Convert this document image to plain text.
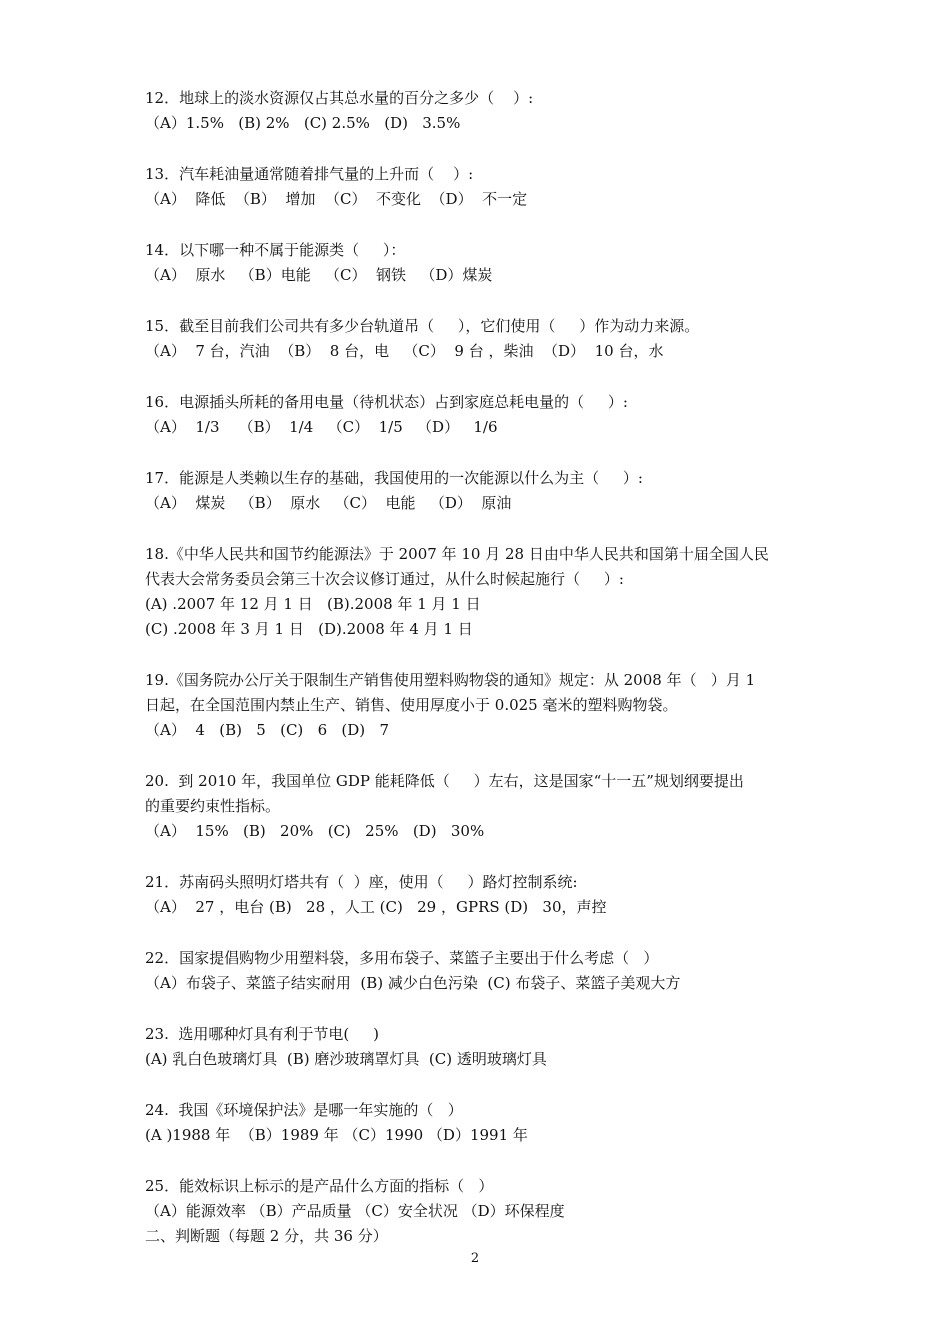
12．地球上的淡水资源仅占其总水量的百分之多少（    ）:
（A）1.5%   (B) 2%   (C) 2.5%   (D)   3.5%
13．汽车耗油量通常随着排气量的上升而（    ）:
（A）  降低  （B）  增加  （C）  不变化  （D）  不一定
14．以下哪一种不属于能源类（     ）：
（A）  原水   （B）电能   （C）  钢铁   （D）煤炭
15．截至目前我们公司共有多少台轨道吊（     ），它们使用（     ）作为动力来源。
（A）  7 台，汽油  （B）  8 台，电   （C）  9 台 ，柴油  （D）  10 台，水
16．电源插头所耗的备用电量（待机状态）占到家庭总耗电量的（     ）:
（A）  1/3    （B）  1/4   （C）  1/5   （D）   1/6
17．能源是人类赖以生存的基础，我国使用的一次能源以什么为主（     ）:
（A）  煤炭   （B）  原水   （C）  电能   （D）  原油
18.《中华人民共和国节约能源法》于 2007 年 10 月 28 日由中华人民共和国第十届全国人民
代表大会常务委员会第三十次会议修订通过，从什么时候起施行（     ）:
(A) .2007 年 12 月 1 日   (B).2008 年 1 月 1 日
(C) .2008 年 3 月 1 日   (D).2008 年 4 月 1 日
19.《国务院办公厅关于限制生产销售使用塑料购物袋的通知》规定：从 2008 年（   ）月 1
日起，在全国范围内禁止生产、销售、使用厚度小于 0.025 毫米的塑料购物袋。
（A）  4   (B)   5   (C)   6   (D)   7
20.  到 2010 年，我国单位 GDP 能耗降低（     ）左右，这是国家“十一五”规划纲要提出
的重要约束性指标。
（A）  15%   (B)   20%   (C)   25%   (D)   30%
21．苏南码头照明灯塔共有（  ）座，使用（     ）路灯控制系统:
（A）  27 ，电台 (B)   28 ，人工 (C)   29 ，GPRS (D)   30，声控
22．国家提倡购物少用塑料袋，多用布袋子、菜篮子主要出于什么考虑（   ）
（A）布袋子、菜篮子结实耐用  (B) 减少白色污染  (C) 布袋子、菜篮子美观大方
23.  选用哪种灯具有利于节电(     )
(A) 乳白色玻璃灯具  (B) 磨沙玻璃罩灯具  (C) 透明玻璃灯具
24.  我国《环境保护法》是哪一年实施的（   ）
(A )1988 年  （B）1989 年 （C）1990 （D）1991 年
25．能效标识上标示的是产品什么方面的指标（   ）
（A）能源效率 （B）产品质量 （C）安全状况 （D）环保程度
二、判断题（每题 2 分，共 36 分）
2
